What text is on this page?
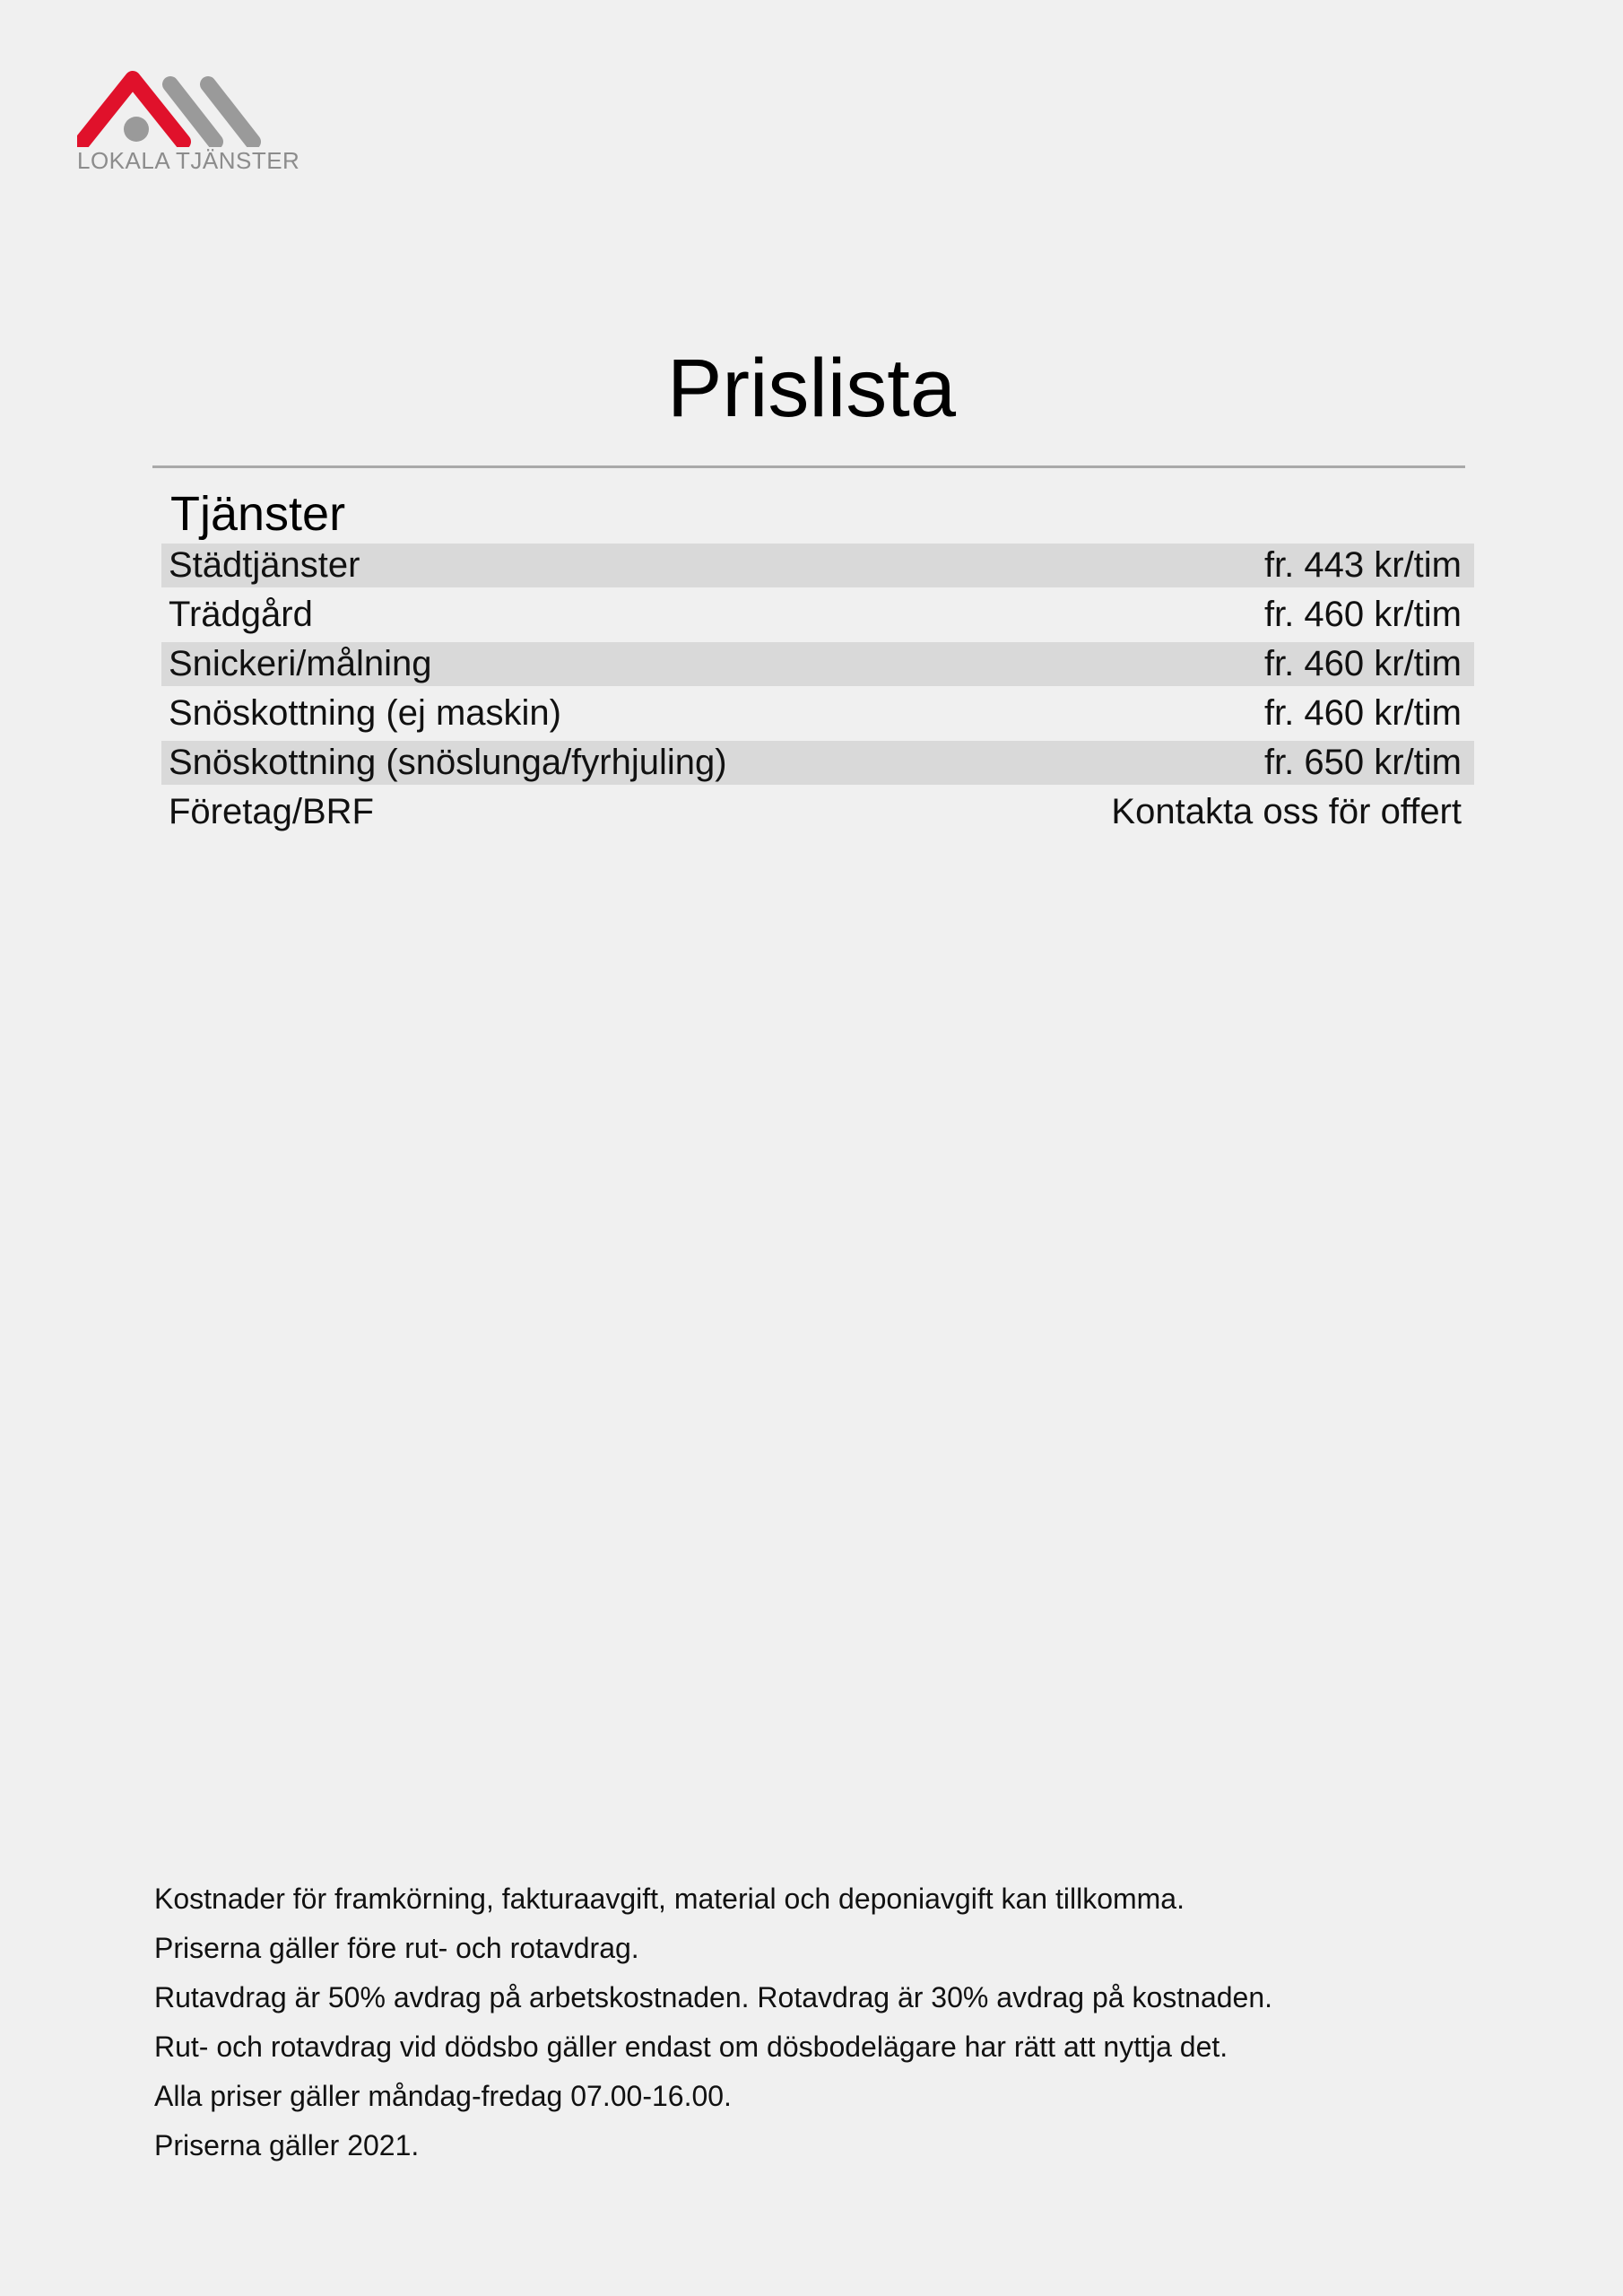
LOKALA TJÄNSTER
Prislista
Tjänster
Städtjänster	fr. 443 kr/tim
Trädgård	fr. 460 kr/tim
Snickeri/målning	fr. 460 kr/tim
Snöskottning (ej maskin)	fr. 460 kr/tim
Snöskottning (snöslunga/fyrhjuling)	fr. 650 kr/tim
Företag/BRF	Kontakta oss för offert
Kostnader för framkörning, fakturaavgift, material och deponiavgift kan tillkomma.
Priserna gäller före rut- och rotavdrag.
Rutavdrag är 50% avdrag på arbetskostnaden. Rotavdrag är 30% avdrag på kostnaden.
Rut- och rotavdrag vid dödsbo gäller endast om dösbodelägare har rätt att nyttja det.
Alla priser gäller måndag-fredag 07.00-16.00.
Priserna gäller 2021.
